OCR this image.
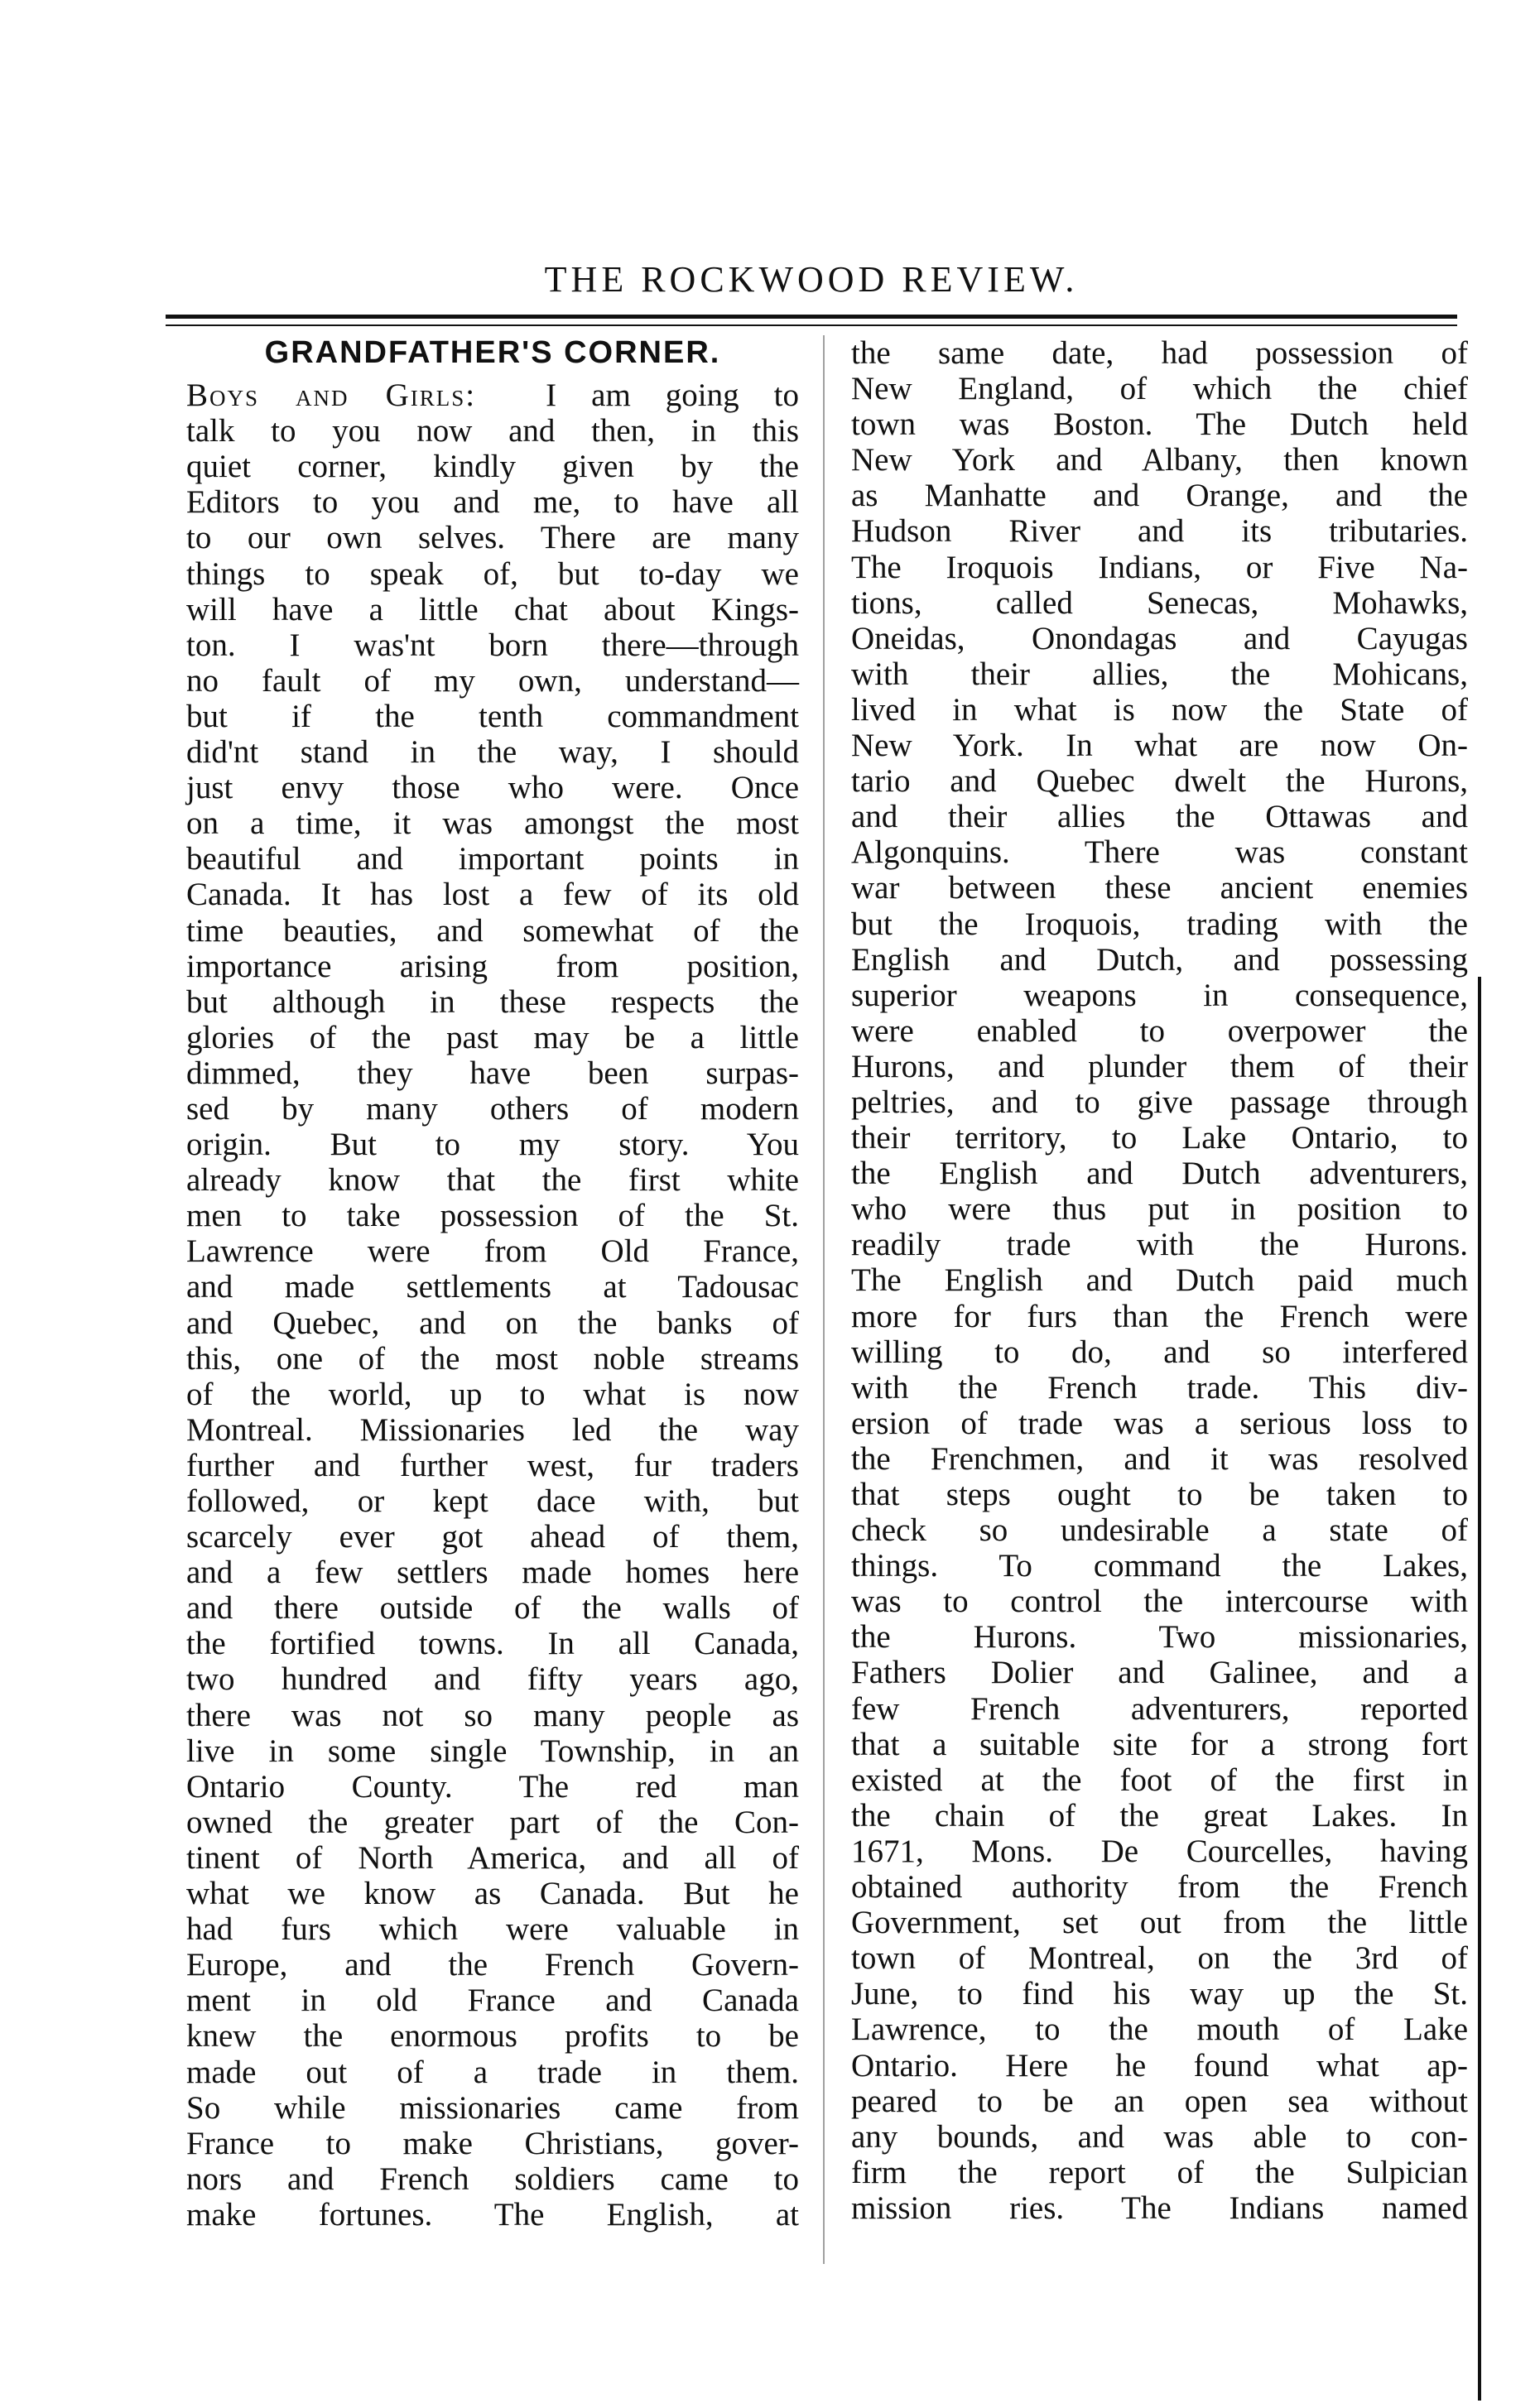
THE ROCKWOOD REVIEW.
GRANDFATHER'S CORNER.
Boys and Girls:  I am going to
talk to you now and then, in this
quiet corner, kindly given by the
Editors to you and me, to have all
to our own selves. There are many
things to speak of, but to-day we
will have a little chat about Kings-
ton. I was'nt born there—through
no fault of my own, understand—
but if the tenth commandment
did'nt stand in the way, I should
just envy those who were. Once
on a time, it was amongst the most
beautiful and important points in
Canada. It has lost a few of its old
time beauties, and somewhat of the
importance arising from position,
but although in these respects the
glories of the past may be a little
dimmed, they have been surpas-
sed by many others of modern
origin. But to my story. You
already know that the first white
men to take possession of the St.
Lawrence were from Old France,
and made settlements at Tadousac
and Quebec, and on the banks of
this, one of the most noble streams
of the world, up to what is now
Montreal. Missionaries led the way
further and further west, fur traders
followed, or kept dace with, but
scarcely ever got ahead of them,
and a few settlers made homes here
and there outside of the walls of
the fortified towns. In all Canada,
two hundred and fifty years ago,
there was not so many people as
live in some single Township, in an
Ontario County. The red man
owned the greater part of the Con-
tinent of North America, and all of
what we know as Canada. But he
had furs which were valuable in
Europe, and the French Govern-
ment in old France and Canada
knew the enormous profits to be
made out of a trade in them.
So while missionaries came from
France to make Christians, gover-
nors and French soldiers came to
make fortunes. The English, at
the same date, had possession of
New England, of which the chief
town was Boston. The Dutch held
New York and Albany, then known
as Manhatte and Orange, and the
Hudson River and its tributaries.
The Iroquois Indians, or Five Na-
tions, called Senecas, Mohawks,
Oneidas, Onondagas and Cayugas
with their allies, the Mohicans,
lived in what is now the State of
New York. In what are now On-
tario and Quebec dwelt the Hurons,
and their allies the Ottawas and
Algonquins. There was constant
war between these ancient enemies
but the Iroquois, trading with the
English and Dutch, and possessing
superior weapons in consequence,
were enabled to overpower the
Hurons, and plunder them of their
peltries, and to give passage through
their territory, to Lake Ontario, to
the English and Dutch adventurers,
who were thus put in position to
readily trade with the Hurons.
The English and Dutch paid much
more for furs than the French were
willing to do, and so interfered
with the French trade. This div-
ersion of trade was a serious loss to
the Frenchmen, and it was resolved
that steps ought to be taken to
check so undesirable a state of
things. To command the Lakes,
was to control the intercourse with
the Hurons. Two missionaries,
Fathers Dolier and Galinee, and a
few French adventurers, reported
that a suitable site for a strong fort
existed at the foot of the first in
the chain of the great Lakes. In
1671, Mons. De Courcelles, having
obtained authority from the French
Government, set out from the little
town of Montreal, on the 3rd of
June, to find his way up the St.
Lawrence, to the mouth of Lake
Ontario. Here he found what ap-
peared to be an open sea without
any bounds, and was able to con-
firm the report of the Sulpician
mission ries. The Indians named
